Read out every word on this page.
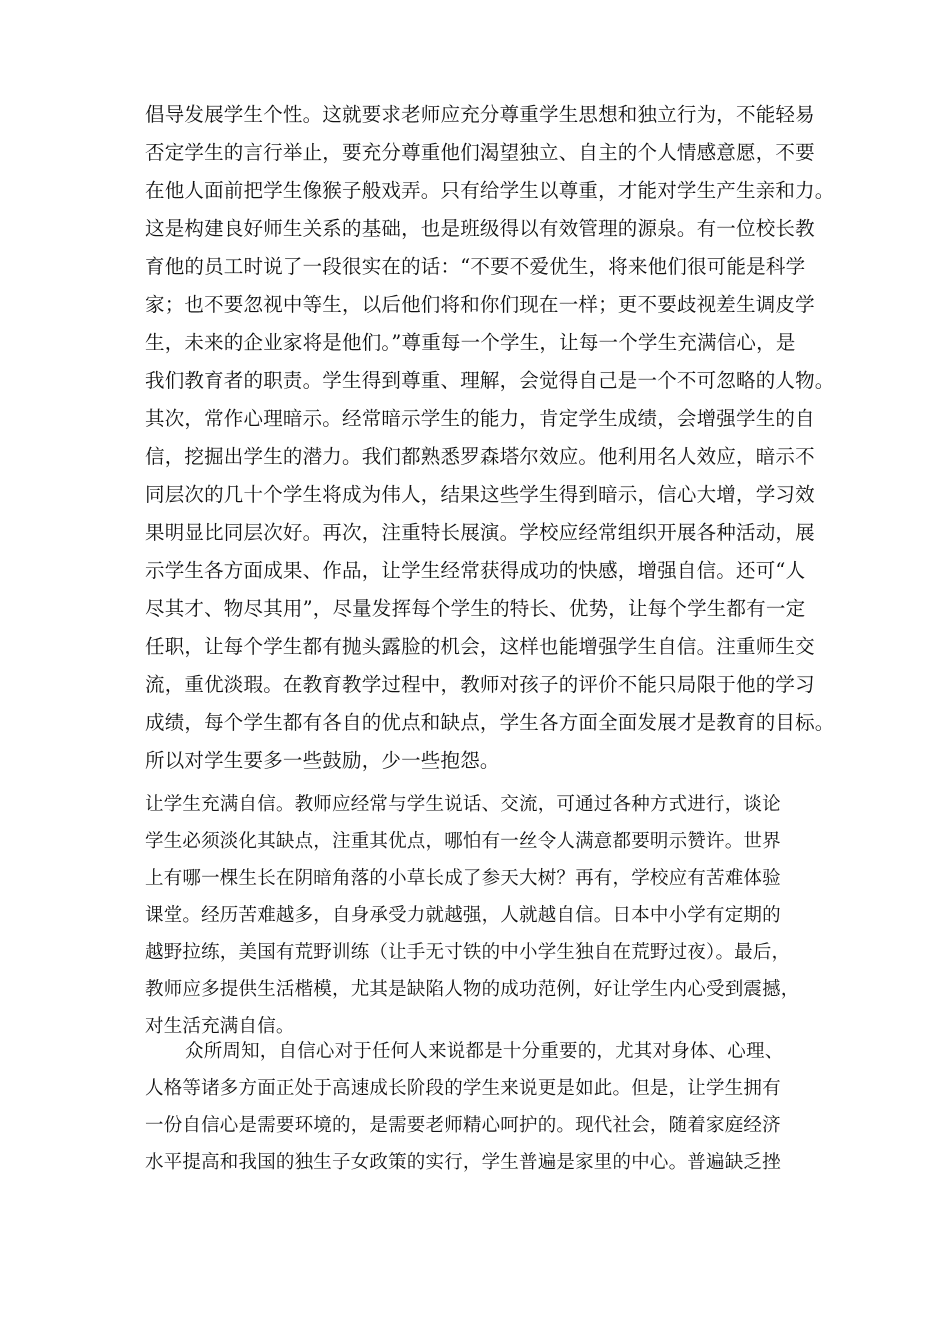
倡导发展学生个性。这就要求老师应充分尊重学生思想和独立行为，不能轻易
否定学生的言行举止，要充分尊重他们渴望独立、自主的个人情感意愿，不要
在他人面前把学生像猴子般戏弄。只有给学生以尊重，才能对学生产生亲和力。
这是构建良好师生关系的基础，也是班级得以有效管理的源泉。有一位校长教
育他的员工时说了一段很实在的话：“不要不爱优生，将来他们很可能是科学
家；也不要忽视中等生，以后他们将和你们现在一样；更不要歧视差生调皮学
生，未来的企业家将是他们。”尊重每一个学生，让每一个学生充满信心，是
我们教育者的职责。学生得到尊重、理解，会觉得自己是一个不可忽略的人物。
其次，常作心理暗示。经常暗示学生的能力，肯定学生成绩，会增强学生的自
信，挖掘出学生的潜力。我们都熟悉罗森塔尔效应。他利用名人效应，暗示不
同层次的几十个学生将成为伟人，结果这些学生得到暗示，信心大增，学习效
果明显比同层次好。再次，注重特长展演。学校应经常组织开展各种活动，展
示学生各方面成果、作品，让学生经常获得成功的快感，增强自信。还可“人
尽其才、物尽其用”，尽量发挥每个学生的特长、优势，让每个学生都有一定
任职，让每个学生都有抛头露脸的机会，这样也能增强学生自信。注重师生交
流，重优淡瑕。在教育教学过程中，教师对孩子的评价不能只局限于他的学习
成绩，每个学生都有各自的优点和缺点，学生各方面全面发展才是教育的目标。
所以对学生要多一些鼓励，少一些抱怨。
让学生充满自信。教师应经常与学生说话、交流，可通过各种方式进行，谈论
学生必须淡化其缺点，注重其优点，哪怕有一丝令人满意都要明示赞许。世界
上有哪一棵生长在阴暗角落的小草长成了参天大树？再有，学校应有苦难体验
课堂。经历苦难越多，自身承受力就越强，人就越自信。日本中小学有定期的
越野拉练，美国有荒野训练（让手无寸铁的中小学生独自在荒野过夜）。最后，
教师应多提供生活楷模，尤其是缺陷人物的成功范例，好让学生内心受到震撼，
对生活充满自信。
众所周知，自信心对于任何人来说都是十分重要的，尤其对身体、心理、
人格等诸多方面正处于高速成长阶段的学生来说更是如此。但是，让学生拥有
一份自信心是需要环境的，是需要老师精心呵护的。现代社会，随着家庭经济
水平提高和我国的独生子女政策的实行，学生普遍是家里的中心。普遍缺乏挫
